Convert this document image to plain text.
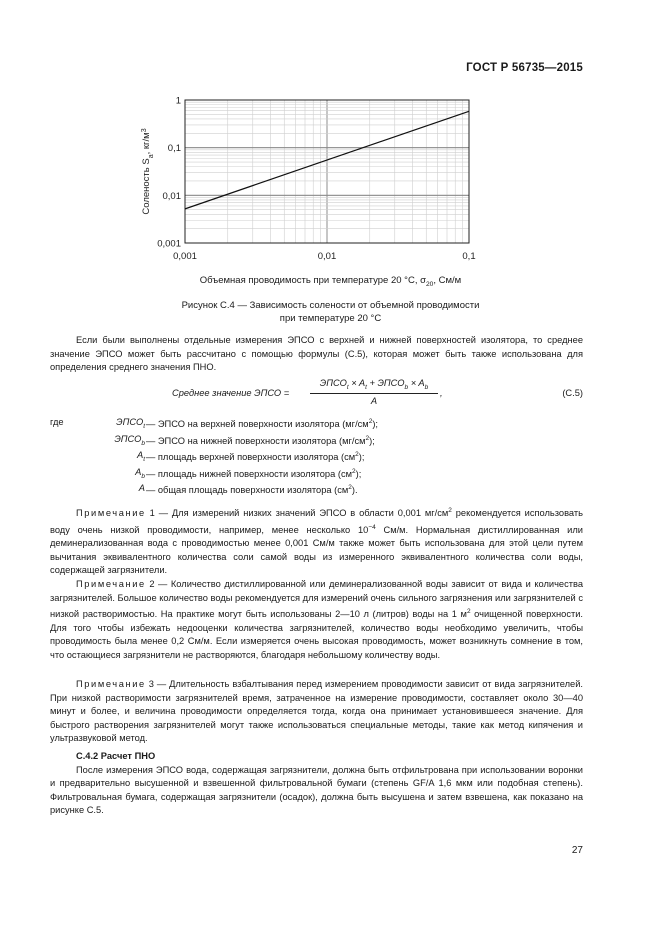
ГОСТ Р 56735—2015
1
0,1
0,01
0,001
0,001	0,01	0,1
Соленость $S_a$, $кг/м^3$
Объемная проводимость при температуре 20 °C, $\sigma_{20}$, См/м
Рисунок С.4 — Зависимость солености от объемной проводимости
при температуре 20 °C

Если были выполнены отдельные измерения ЭПСО с верхней и нижней поверхностей изолятора, то среднее значение ЭПСО может быть рассчитано с помощью формулы (С.5), которая может быть также использована для определения среднего значения ПНО.

Среднее значение ЭПСО =
$ЭПСО_t \times A_t$ + $ЭПСО_b \times A_b$
A
,	(С.5)
где	$ЭПСО_t$ — ЭПСО на верхней поверхности изолятора $(мг/см^2)$;
$ЭПСО_b$ — ЭПСО на нижней поверхности изолятора $(мг/см^2)$;
$A_t$ — площадь верхней поверхности изолятора $(см^2)$;
$A_b$ — площадь нижней поверхности изолятора $(см^2)$;
A — общая площадь поверхности изолятора $(см^2)$.

Примечание 1 — Для измерений низких значений ЭПСО в области 0,001 $мг/см^2$ рекомендуется использовать воду очень низкой проводимости, например, менее несколько $10^{-4}$ См/м. Нормальная дистиллированная или деминерализованная вода с проводимостью менее 0,001 См/м также может быть использована для этой цели путем вычитания эквивалентного количества соли самой воды из измеренного эквивалентного количества соли воды, содержащей загрязнители.

Примечание 2 — Количество дистиллированной или деминерализованной воды зависит от вида и количества загрязнителей. Большое количество воды рекомендуется для измерений очень сильного загрязнения или загрязнителей с низкой растворимостью. На практике могут быть использованы 2—10 л (литров) воды на 1 $м^2$ очищенной поверхности. Для того чтобы избежать недооценки количества загрязнителей, количество воды необходимо увеличить, чтобы проводимость была менее 0,2 См/м. Если измеряется очень высокая проводимость, может возникнуть сомнение в том, что остающиеся загрязнители не растворяются, благодаря небольшому количеству воды.

Примечание 3 — Длительность взбалтывания перед измерением проводимости зависит от вида загрязнителей. При низкой растворимости загрязнителей время, затраченное на измерение проводимости, составляет около 30—40 минут и более, и величина проводимости определяется тогда, когда она принимает установившееся значение. Для быстрого растворения загрязнителей могут также использоваться специальные методы, такие как метод кипячения и ультразвуковой метод.

С.4.2 Расчет ПНО

После измерения ЭПСО вода, содержащая загрязнители, должна быть отфильтрована при использовании воронки и предварительно высушенной и взвешенной фильтровальной бумаги (степень GF/A 1,6 мкм или подобная степень). Фильтровальная бумага, содержащая загрязнители (осадок), должна быть высушена и затем взвешена, как показано на рисунке С.5.

27
